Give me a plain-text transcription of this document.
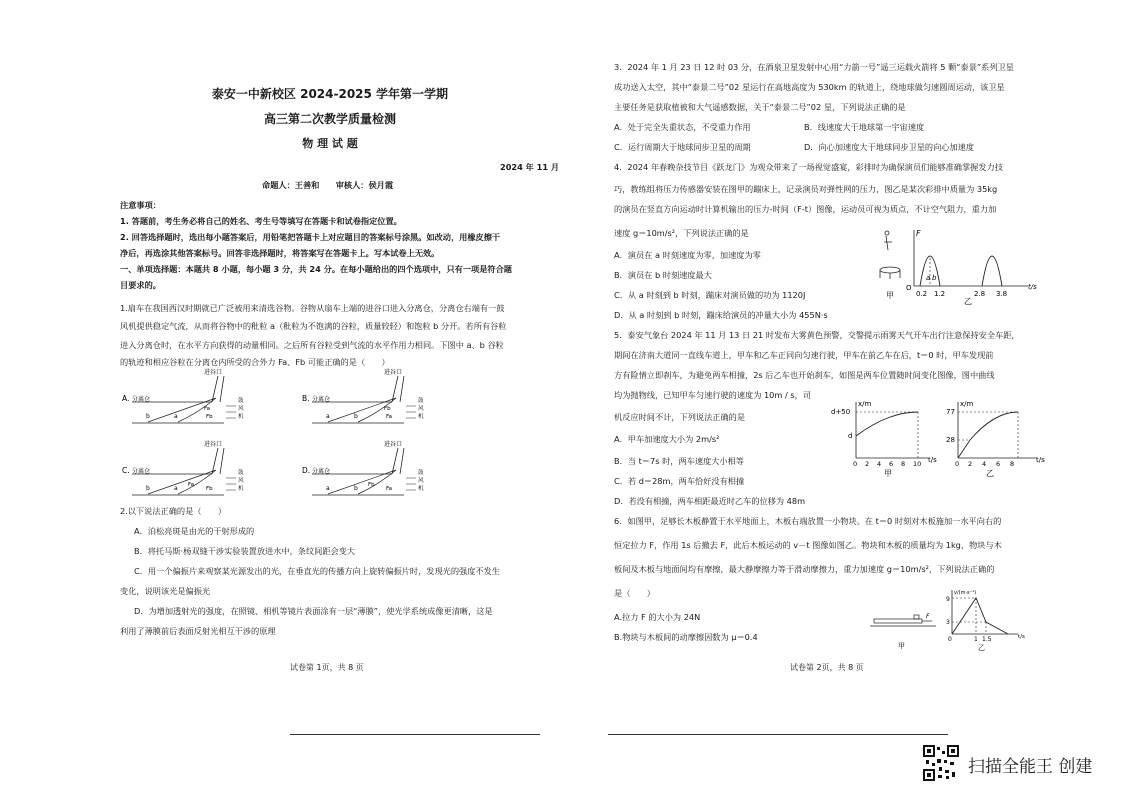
泰安一中新校区 2024-2025 学年第一学期
高三第二次教学质量检测
物 理 试 题
2024 年 11 月
命题人：王善和　　审核人：侯月霞
注意事项：
1. 答题前，考生务必将自己的姓名、考生号等填写在答题卡和试卷指定位置。
2. 回答选择题时，选出每小题答案后，用铅笔把答题卡上对应题目的答案标号涂黑。如改动，用橡皮擦干
净后，再选涂其他答案标号。回答非选择题时，将答案写在答题卡上。写本试卷上无效。
一、单项选择题：本题共 8 小题，每小题 3 分，共 24 分。在每小题给出的四个选项中，只有一项是符合题
目要求的。
1.扇车在我国西汉时期就已广泛被用来清选谷物。谷物从扇车上端的进谷口进入分离仓，分离仓右端有一鼓
风机提供稳定气流，从而将谷物中的秕粒 a（秕粒为不饱满的谷粒，质量较轻）和饱粒 b 分开。若所有谷粒
进入分离仓时，在水平方向获得的动量相同。之后所有谷粒受到气流的水平作用力相同。下图中 a、b 谷粒
的轨迹和相应谷粒在分离仓内所受的合外力 Fa、Fb 可能正确的是（　　）
A. 分离仓
进谷口
b	a
Fa
Fb
鼓
风
机
B. 分离仓
进谷口
a	b
Fb
Fa
鼓
风
机
C. 分离仓
进谷口
b	a Fa
Fb
鼓
风
机
D. 分离仓
进谷口
a	b Fb
Fa
鼓
风
机
2.以下说法正确的是（　　）
A．泊松亮斑是由光的干射形成的
B．将托马斯·杨双缝干涉实验装置放进水中，条纹间距会变大
C．用一个偏振片来观察某光源发出的光，在垂直光的传播方向上旋转偏振片时，发现光的强度不发生
变化，说明该光是偏振光
D．为增加透射光的强度，在照镜、相机等镜片表面涂有一层“薄膜”，使光学系统成像更清晰，这是
利用了薄膜前后表面反射光相互干涉的原理
试卷第 1页，共 8 页
3．2024 年 1 月 23 日 12 时 03 分，在酒泉卫星发射中心用“力箭一号”遥三运载火箭将 5 颗“泰景”系列卫星
成功送入太空，其中“泰景二号”02 星运行在高地高度为 530km 的轨道上，绕地球做匀速圆周运动，该卫星
主要任务是获取植被和大气遥感数据，关于“泰景二号”02 星，下列说法正确的是
A．处于完全失重状态，不受重力作用	B．线速度大于地球第一宇宙速度
C．运行周期大于地球同步卫星的周期	D．向心加速度大于地球同步卫星的向心加速度
4．2024 年春晚杂技节目《跃龙门》为观众带来了一场视觉盛宴，彩排时为确保演员们能够准确掌握发力技
巧，教练组将压力传感器安装在图甲的蹦床上，记录演员对弹性网的压力，图乙是某次彩排中质量为 35kg
的演员在竖直方向运动时计算机输出的压力-时间（F-t）图像，运动员可视为质点，不计空气阻力，重力加
速度 g＝10m/s²，下列说法正确的是
A．演员在 a 时刻速度为零，加速度为零
B．演员在 b 时刻速度最大
C．从 a 时刻到 b 时刻，蹦床对演员做的功为 1120J
D．从 a 时刻到 b 时刻，蹦床给演员的冲量大小为 455N·s
甲
F
t/s
O
a b
0.2 1.2	2.8 3.8
乙
5．泰安气象台 2024 年 11 月 13 日 21 时发布大雾黄色预警，交警提示雨雾天气开车出行注意保持安全车距，
期间在济南大道同一直线车道上，甲车和乙车正同向匀速行驶，甲车在前乙车在后，t＝0 时，甲车发现前
方有险情立即刹车，为避免两车相撞，2s 后乙车也开始刹车，如图是两车位置随时间变化图像，图中曲线
均为抛物线，已知甲车匀速行驶的速度为 10m / s，司
机反应时间不计，下列说法正确的是
A．甲车加速度大小为 2m/s²
B．当 t＝7s 时，两车速度大小相等
C．若 d＝28m，两车恰好没有相撞
D．若没有相撞，两车相距最近时乙车的位移为 48m
x/m
t/s
d+50
d
0 2 4 6 8 10
甲
x/m
t/s
77
28
0 2 4 6 8
乙
6．如图甲，足够长木板静置于水平地面上，木板右端放置一小物块。在 t＝0 时刻对木板施加一水平向右的
恒定拉力 F，作用 1s 后撤去 F，此后木板运动的 v－t 图像如图乙。物块和木板的质量均为 1kg，物块与木
板间及木板与地面间均有摩擦，最大静摩擦力等于滑动摩擦力，重力加速度 g＝10m/s²，下列说法正确的
是（　　）
A.拉力 F 的大小为 24N
B.物块与木板间的动摩擦因数为 μ＝0.4
F
甲
v/(m·s⁻¹)
t/s
9
3
0	1 1.5
乙
试卷第 2页，共 8 页
扫描全能王 创建
